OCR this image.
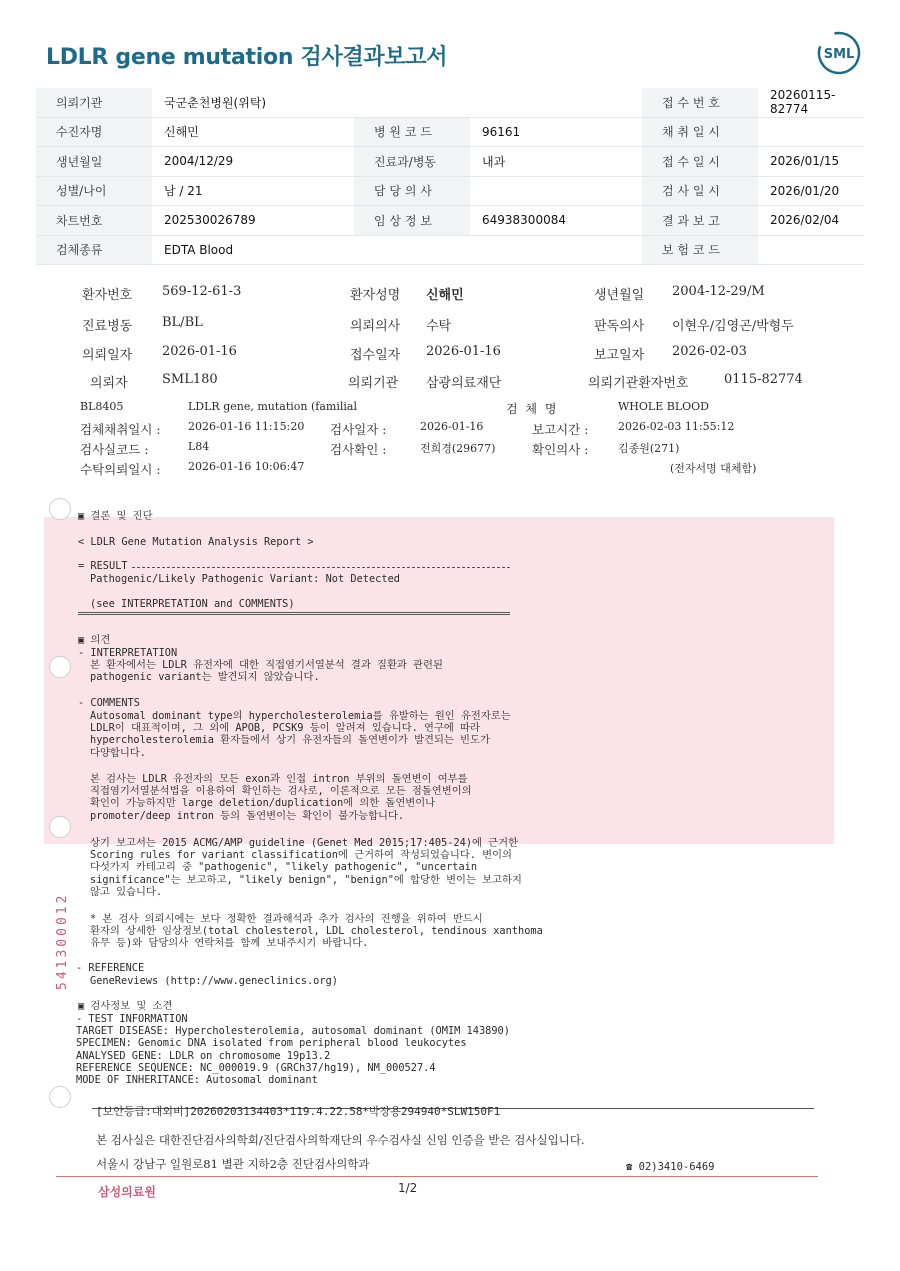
LDLR gene mutation 검사결과보고서	SML
의뢰기관	국군춘천병원(위탁)			접 수 번 호	20260115-82774
수진자명	신해민	병 원 코 드	96161	채 취 일 시	
생년월일	2004/12/29	진료과/병동	내과	접 수 일 시	2026/01/15
성별/나이	남 / 21	담 당 의 사		검 사 일 시	2026/01/20
차트번호	202530026789	임 상 정 보	64938300084	결 과 보 고	2026/02/04
검체종류	EDTA Blood			보 험 코 드	
환자번호 569-12-61-3	환자성명 신해민	생년월일 2004-12-29/M
진료병동 BL/BL	의뢰의사 수탁	판독의사 이현우/김영곤/박형두
의뢰일자 2026-01-16	접수일자 2026-01-16	보고일자 2026-02-03
의뢰자	SML180	의뢰기관 삼광의료재단	의뢰기관환자번호	0115-82774
BL8405	LDLR gene, mutation (familial	검 체 명	WHOLE BLOOD
검체채취일시 : 2026-01-16 11:15:20 검사일자 :	2026-01-16	보고시간 :	2026-02-03 11:55:12
검사실코드 :	L84	검사확인 :	전희경(29677)	확인의사 :	김종원(271)
수탁의뢰일시 : 2026-01-16 10:06:47	(전자서명 대체함)
▣ 결론 및 진단
< LDLR Gene Mutation Analysis Report >
= RESULT
Pathogenic/Likely Pathogenic Variant: Not Detected
(see INTERPRETATION and COMMENTS)
▣ 의견
- INTERPRETATION
본 환자에서는 LDLR 유전자에 대한 직접염기서열분석 결과 질환과 관련된
pathogenic variant는 발견되지 않았습니다.
- COMMENTS
Autosomal dominant type의 hypercholesterolemia를 유발하는 원인 유전자로는
LDLR이 대표적이며, 그 외에 APOB, PCSK9 등이 알려져 있습니다. 연구에 따라
hypercholesterolemia 환자들에서 상기 유전자들의 돌연변이가 발견되는 빈도가
다양합니다.
본 검사는 LDLR 유전자의 모든 exon과 인접 intron 부위의 돌연변이 여부를
직접염기서열분석법을 이용하여 확인하는 검사로, 이론적으로 모든 점돌연변이의
확인이 가능하지만 large deletion/duplication에 의한 돌연변이나
promoter/deep intron 등의 돌연변이는 확인이 불가능합니다.
상기 보고서는 2015 ACMG/AMP guideline (Genet Med 2015;17:405-24)에 근거한
Scoring rules for variant classification에 근거하여 작성되었습니다. 변이의
다섯가지 카테고리 중 "pathogenic", "likely pathogenic", "uncertain
significance"는 보고하고, "likely benign", "benign"에 합당한 변이는 보고하지
않고 있습니다.
* 본 검사 의뢰시에는 보다 정확한 결과해석과 추가 검사의 진행을 위하여 반드시
환자의 상세한 임상정보(total cholesterol, LDL cholesterol, tendinous xanthoma
유무 등)와 담당의사 연락처를 함께 보내주시기 바랍니다.
- REFERENCE
GeneReviews (http://www.geneclinics.org)
▣ 검사정보 및 소견
- TEST INFORMATION
TARGET DISEASE: Hypercholesterolemia, autosomal dominant (OMIM 143890)
SPECIMEN: Genomic DNA isolated from peripheral blood leukocytes
ANALYSED GENE: LDLR on chromosome 19p13.2
REFERENCE SEQUENCE: NC_000019.9 (GRCh37/hg19), NM_000527.4
MODE OF INHERITANCE: Autosomal dominant
541300012
[보안등급:대외비]20260203134403*119.4.22.58*박장용294940*SLW150F1
본 검사실은 대한진단검사의학회/진단검사의학재단의 우수검사실 신임 인증을 받은 검사실입니다.
서울시 강남구 일원로81 별관 지하2층 진단검사의학과	☎ 02)3410-6469
삼성의료원	1/2
